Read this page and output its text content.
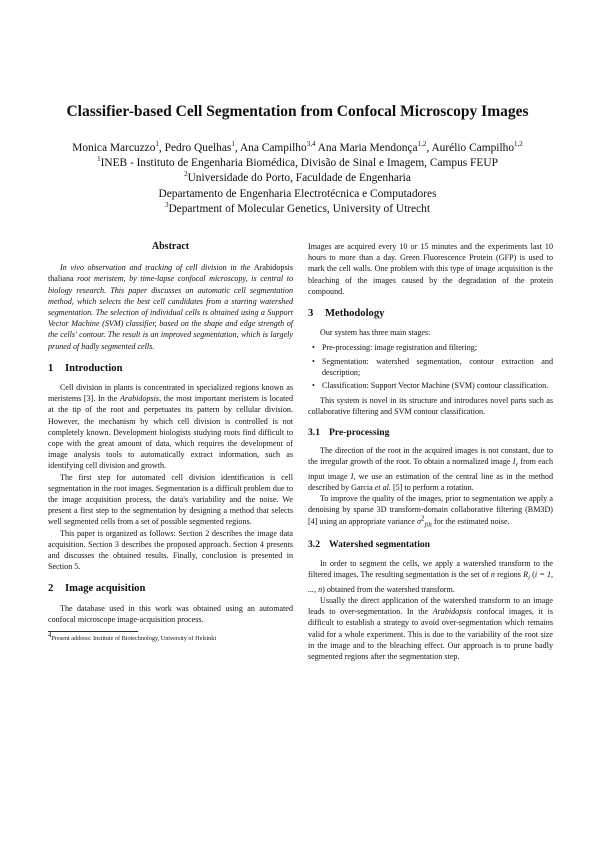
Classifier-based Cell Segmentation from Confocal Microscopy Images
Monica Marcuzzo$^1$, Pedro Quelhas$^1$, Ana Campilho$^{3,4}$ Ana Maria Mendonça$^{1,2}$, Aurélio Campilho$^{1,2}$
$^1$INEB - Instituto de Engenharia Biomédica, Divisão de Sinal e Imagem, Campus FEUP
$^2$Universidade do Porto, Faculdade de Engenharia
Departamento de Engenharia Electrotécnica e Computadores
$^3$Department of Molecular Genetics, University of Utrecht
Abstract

In vivo observation and tracking of cell division in the Arabidopsis thaliana root meristem, by time-lapse confocal microscopy, is central to biology research. This paper discusses an automatic cell segmentation method, which selects the best cell candidates from a starting watershed segmentation. The selection of individual cells is obtained using a Support Vector Machine (SVM) classifier, based on the shape and edge strength of the cells' contour. The result is an improved segmentation, which is largely pruned of badly segmented cells.

1 Introduction

Cell division in plants is concentrated in specialized regions known as meristems [3]. In the Arabidopsis, the most important meristem is located at the tip of the root and perpetuates its pattern by cellular division. However, the mechanism by which cell division is controlled is not completely known. Development biologists studying roots find difficult to cope with the great amount of data, which requires the development of image analysis tools to automatically extract information, such as identifying cell division and growth.

The first step for automated cell division identification is cell segmentation in the root images. Segmentation is a difficult problem due to the image acquisition process, the data's variability and the noise. We present a first step to the segmentation by designing a method that selects well segmented cells from a set of possible segmented regions.

This paper is organized as follows: Section 2 describes the image data acquisition. Section 3 describes the proposed approach. Section 4 presents and discusses the obtained results. Finally, conclusion is presented in Section 5.

2 Image acquisition

The database used in this work was obtained using an automated confocal microscope image-acquisition process.

$^4$Present address: Institute of Biotechnology, University of Helsinki

Images are acquired every 10 or 15 minutes and the experiments last 10 hours to more than a day. Green Fluorescence Protein (GFP) is used to mark the cell walls. One problem with this type of image acquisition is the bleaching of the images caused by the degradation of the protein compound.

3 Methodology

Our system has three main stages:

• Pre-processing: image registration and filtering;
• Segmentation: watershed segmentation, contour extraction and description;
• Classification: Support Vector Machine (SVM) contour classification.

This system is novel in its structure and introduces novel parts such as collaborative filtering and SVM contour classification.

3.1 Pre-processing

The direction of the root in the acquired images is not constant, due to the irregular growth of the root. To obtain a normalized image $I_r$ from each input image I, we use an estimation of the central line as in the method described by Garcia et al. [5] to perform a rotation.

To improve the quality of the images, prior to segmentation we apply a denoising by sparse 3D transform-domain collaborative filtering (BM3D) [4] using an appropriate variance $\sigma^2_{filt}$ for the estimated noise.

3.2 Watershed segmentation

In order to segment the cells, we apply a watershed transform to the filtered images. The resulting segmentation is the set of n regions $R_i$ (i = 1, ..., n) obtained from the watershed transform.

Usually the direct application of the watershed transform to an image leads to over-segmentation. In the Arabidopsis confocal images, it is difficult to establish a strategy to avoid over-segmentation which remains valid for a whole experiment. This is due to the variability of the root size in the image and to the bleaching effect. Our approach is to prune badly segmented regions after the segmentation step.
